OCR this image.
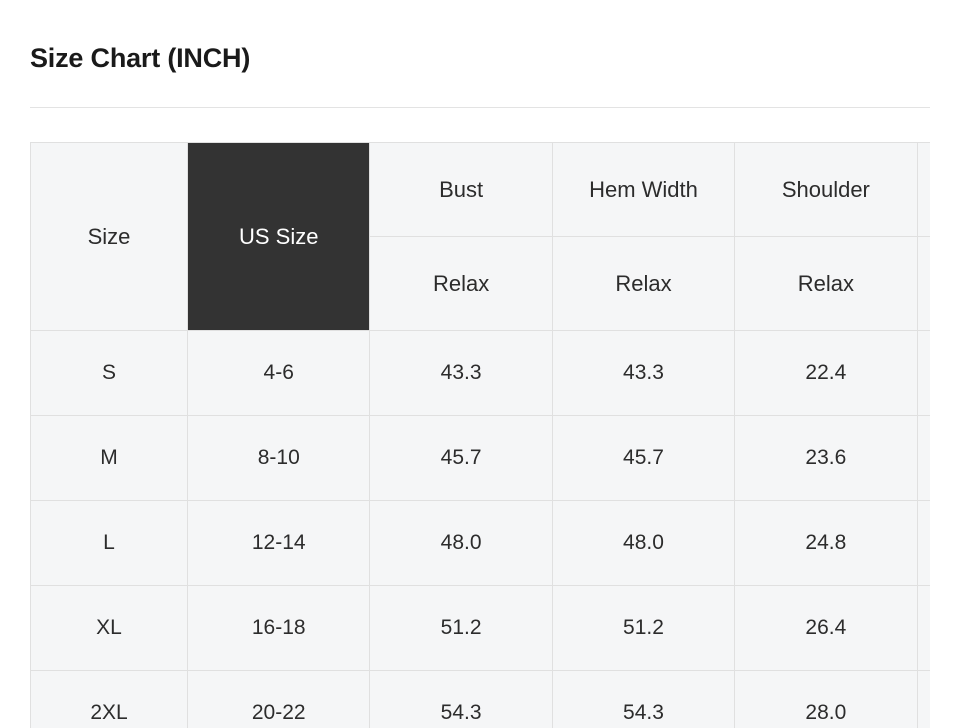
Size Chart (INCH)
Size	US Size	Bust	Hem Width	Shoulder	
		Relax	Relax	Relax	
S	4-6	43.3	43.3	22.4	
M	8-10	45.7	45.7	23.6	
L	12-14	48.0	48.0	24.8	
XL	16-18	51.2	51.2	26.4	
2XL	20-22	54.3	54.3	28.0	
